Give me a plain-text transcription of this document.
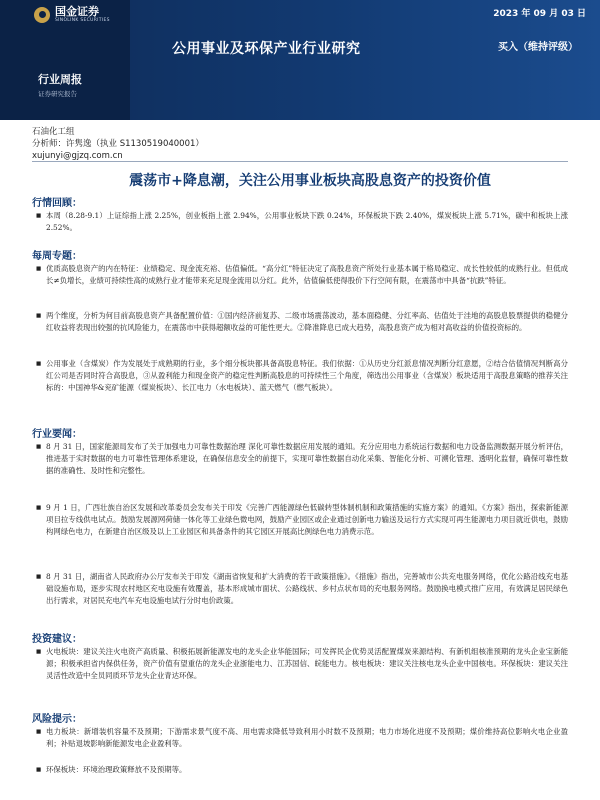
国金证券
SINOLINK SECURITIES
行业周报
证券研究报告
2023 年 09 月 03 日
公用事业及环保产业行业研究	买入（维持评级）
石油化工组
分析师：许隽逸（执业 S1130519040001）
xujunyi@gjzq.com.cn
震荡市+降息潮，关注公用事业板块高股息资产的投资价值
行情回顾：
■ 本周（8.28-9.1）上证综指上涨 2.25%，创业板指上涨 2.94%，公用事业板块下跌 0.24%，环保板块下跌 2.40%，煤炭板块上涨 5.71%，碳中和板块上涨 2.52%。
每周专题：
■ 优质高股息资产的内在特征：业绩稳定、现金流充裕、估值偏低。“高分红”特征决定了高股息资产所处行业基本属于格局稳定、成长性较低的成熟行业。但低成长≠负增长，业绩可持续性高的成熟行业才能带来充足现金流用以分红。此外，估值偏低使得股价下行空间有限，在震荡市中具备“抗跌”特征。
■ 两个维度，分析为何目前高股息资产具备配置价值：①国内经济前复苏、二级市场震荡波动，基本面稳健、分红率高、估值处于洼地的高股息股票提供的稳健分红收益将表现出较强的抗风险能力，在震荡市中获得超额收益的可能性更大。②降准降息已成大趋势，高股息资产成为相对高收益的价值投资标的。
■ 公用事业（含煤炭）作为发展处于成熟期的行业，多个细分板块都具备高股息特征。我们依据：①从历史分红派息情况判断分红意愿，②结合估值情况判断高分红公司是否同时符合高股息，③从盈利能力和现金资产的稳定性判断高股息的可持续性三个角度，筛选出公用事业（含煤炭）板块适用于高股息策略的推荐关注标的：中国神华&兖矿能源（煤炭板块）、长江电力（水电板块）、蓝天燃气（燃气板块）。
行业要闻：
■ 8 月 31 日，国家能源局发布了关于加强电力可靠性数据治理 深化可靠性数据应用发展的通知。充分应用电力系统运行数据和电力设备监测数据开展分析评估，推进基于实时数据的电力可靠性管理体系建设，在确保信息安全的前提下，实现可靠性数据自动化采集、智能化分析、可溯化管理、透明化监督，确保可靠性数据的准确性、及时性和完整性。
■ 9 月 1 日，广西壮族自治区发展和改革委员会发布关于印发《完善广西能源绿色低碳转型体制机制和政策措施的实施方案》的通知。《方案》指出，探索新能源项目拉专线供电试点。鼓励发展源网荷储一体化等工业绿色微电网，鼓励产业园区或企业通过创新电力输送及运行方式实现可再生能源电力项目就近供电，鼓励构网绿色电力，在新建自治区级及以上工业园区和具备条件的其它园区开展高比例绿色电力消费示范。
■ 8 月 31 日，湖南省人民政府办公厅发布关于印发《湖南省恢复和扩大消费的若干政策措施》。《措施》指出，完善城市公共充电服务网络，优化公路沿线充电基础设施布局，逐步实现农村地区充电设施有效覆盖，基本形成城市面状、公路线状、乡村点状布局的充电服务网络。鼓励换电模式推广应用，有效满足居民绿色出行需求，对居民充电汽车充电设施电试行分时电价政策。
投资建议：
■ 火电板块：建议关注火电资产高质量、积极拓展新能源发电的龙头企业华能国际；可发挥民企优势灵活配置煤炭来源结构、有新机组核准预期的龙头企业宝新能源；积极承担省内保供任务，资产价值有望重估的龙头企业浙能电力、江苏国信、皖能电力。核电板块：建议关注核电龙头企业中国核电。环保板块：建议关注灵活性改造中全员同质环节龙头企业青达环保。
风险提示：
■ 电力板块：新增装机容量不及预期；下游需求景气度不高、用电需求降低导致利用小时数不及预期；电力市场化进度不及预期；煤价维持高位影响火电企业盈利；补贴退坡影响新能源发电企业盈利等。
■ 环保板块：环境治理政策释放不及预期等。
